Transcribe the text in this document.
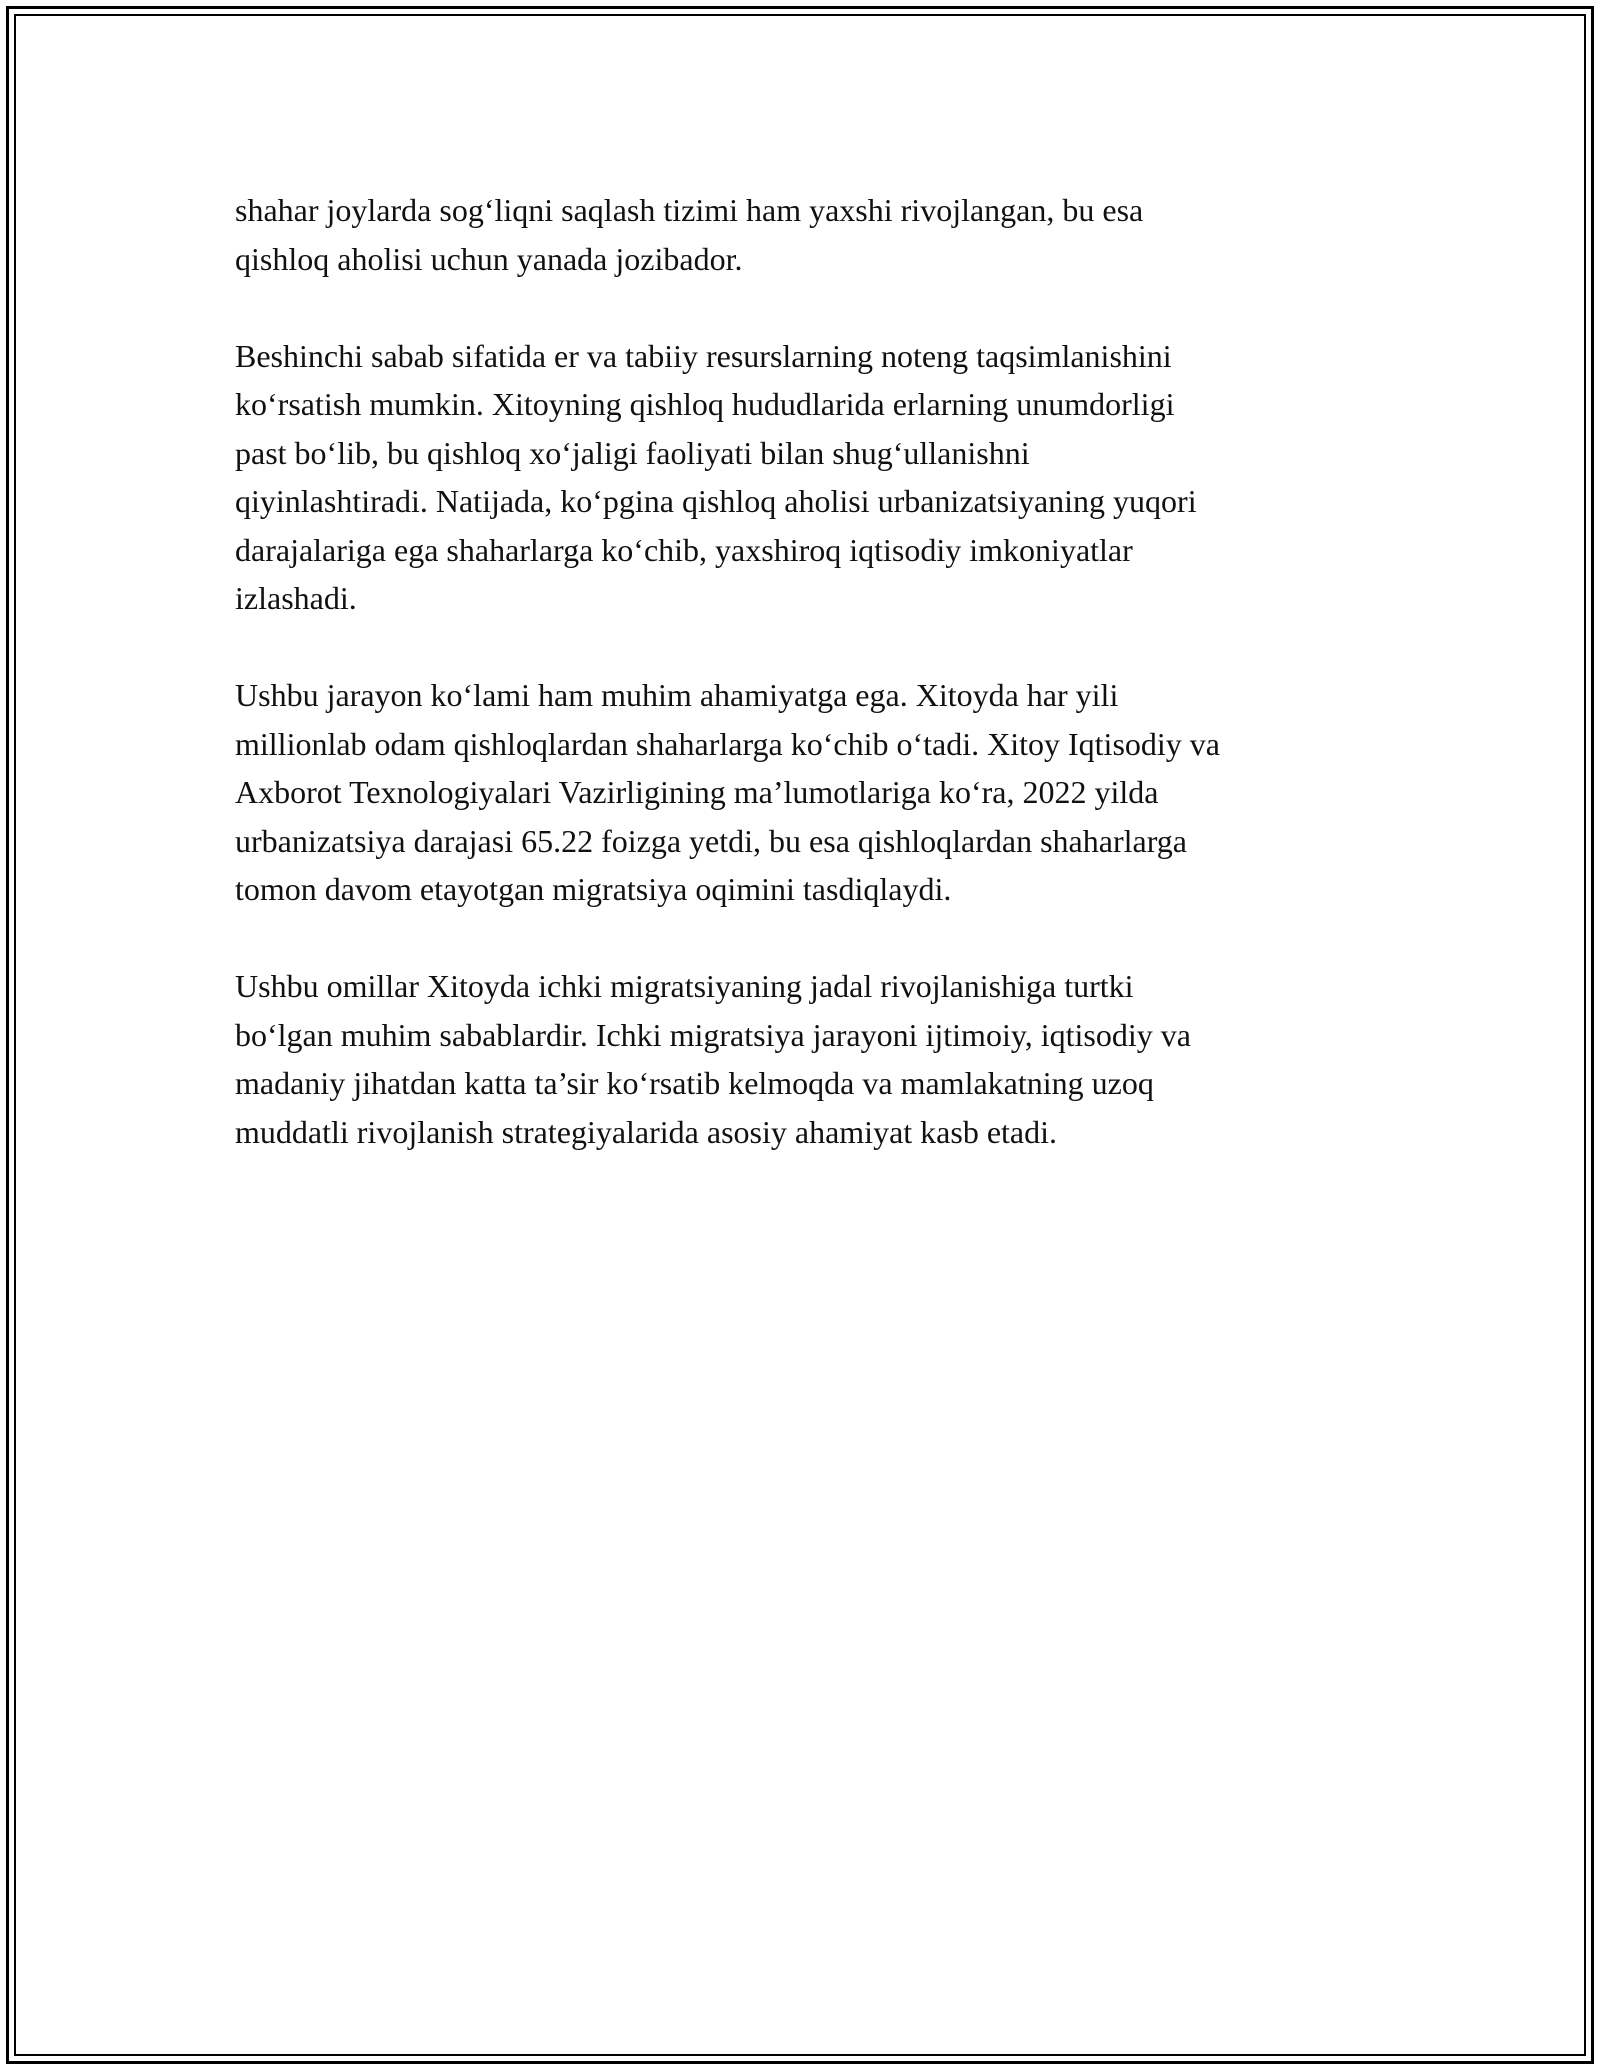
shahar joylarda sog‘liqni saqlash tizimi ham yaxshi rivojlangan, bu esa
qishloq aholisi uchun yanada jozibador.

Beshinchi sabab sifatida er va tabiiy resurslarning noteng taqsimlanishini
ko‘rsatish mumkin. Xitoyning qishloq hududlarida erlarning unumdorligi
past bo‘lib, bu qishloq xo‘jaligi faoliyati bilan shug‘ullanishni
qiyinlashtiradi. Natijada, ko‘pgina qishloq aholisi urbanizatsiyaning yuqori
darajalariga ega shaharlarga ko‘chib, yaxshiroq iqtisodiy imkoniyatlar
izlashadi.

Ushbu jarayon ko‘lami ham muhim ahamiyatga ega. Xitoyda har yili
millionlab odam qishloqlardan shaharlarga ko‘chib o‘tadi. Xitoy Iqtisodiy va
Axborot Texnologiyalari Vazirligining ma’lumotlariga ko‘ra, 2022 yilda
urbanizatsiya darajasi 65.22 foizga yetdi, bu esa qishloqlardan shaharlarga
tomon davom etayotgan migratsiya oqimini tasdiqlaydi.

Ushbu omillar Xitoyda ichki migratsiyaning jadal rivojlanishiga turtki
bo‘lgan muhim sabablardir. Ichki migratsiya jarayoni ijtimoiy, iqtisodiy va
madaniy jihatdan katta ta’sir ko‘rsatib kelmoqda va mamlakatning uzoq
muddatli rivojlanish strategiyalarida asosiy ahamiyat kasb etadi.
